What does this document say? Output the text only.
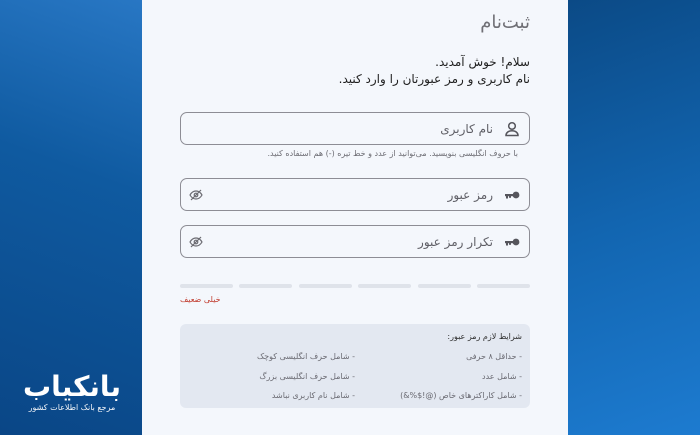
بانکیاب
مرجع بانک اطلاعات کشور
ثبت‌نام
سلام! خوش آمدید.
نام کاربری و رمز عبورتان را وارد کنید.
نام کاربری
با حروف انگلیسی بنویسید. می‌توانید از عدد و خط تیره (-) هم استفاده کنید.
خیلی ضعیف
شرایط لازم رمز عبور:
- حداقل ۸ حرفی
- شامل عدد
- شامل کاراکترهای خاص (@!$%&)
- شامل حرف انگلیسی کوچک
- شامل حرف انگلیسی بزرگ
- شامل نام کاربری نباشد
